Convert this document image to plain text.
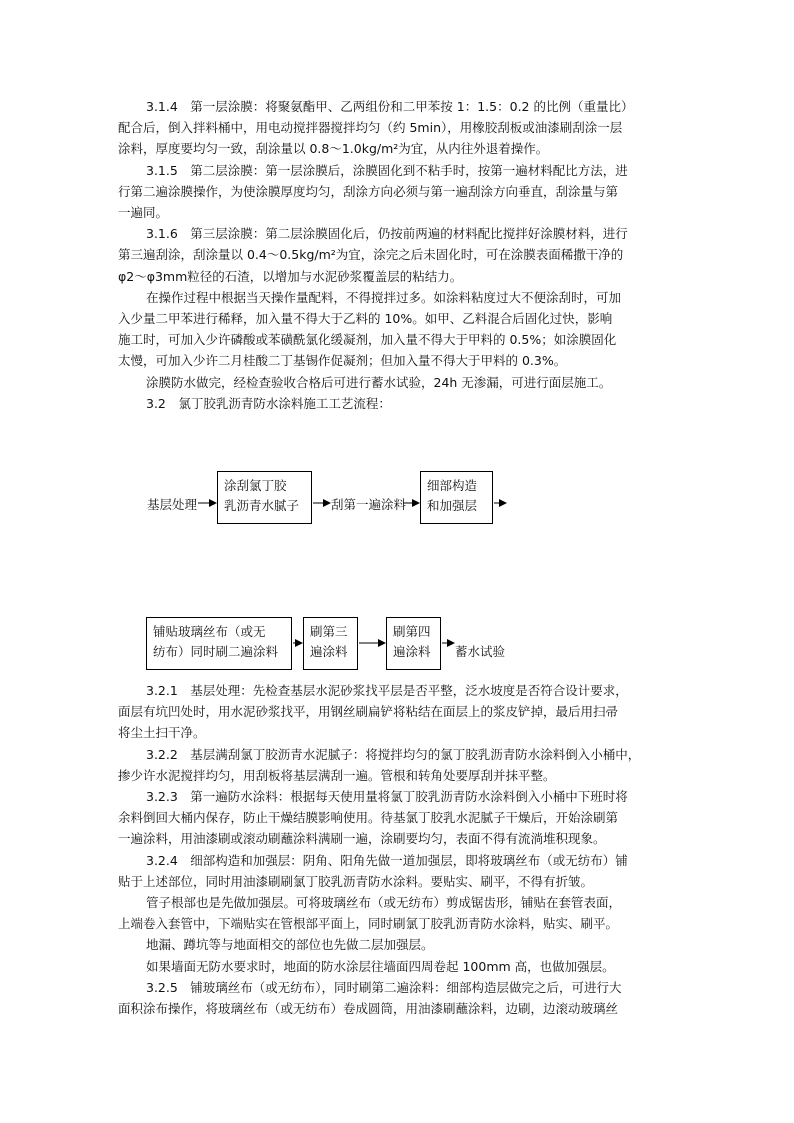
3.1.4　第一层涂膜：将聚氨酯甲、乙两组份和二甲苯按 1：1.5：0.2 的比例（重量比）
配合后，倒入拌料桶中，用电动搅拌器搅拌均匀（约 5min），用橡胶刮板或油漆刷刮涂一层
涂料，厚度要均匀一致，刮涂量以 0.8～1.0kg/m²为宜，从内往外退着操作。
3.1.5　第二层涂膜：第一层涂膜后，涂膜固化到不粘手时，按第一遍材料配比方法，进
行第二遍涂膜操作，为使涂膜厚度均匀，刮涂方向必须与第一遍刮涂方向垂直，刮涂量与第
一遍同。
3.1.6　第三层涂膜：第二层涂膜固化后，仍按前两遍的材料配比搅拌好涂膜材料，进行
第三遍刮涂，刮涂量以 0.4～0.5kg/m²为宜，涂完之后未固化时，可在涂膜表面稀撒干净的
φ2～φ3mm粒径的石渣，以增加与水泥砂浆覆盖层的粘结力。
在操作过程中根据当天操作量配料，不得搅拌过多。如涂料粘度过大不便涂刮时，可加
入少量二甲苯进行稀释，加入量不得大于乙料的 10%。如甲、乙料混合后固化过快，影响
施工时，可加入少许磷酸或苯磺酰氯化缓凝剂，加入量不得大于甲料的 0.5%；如涂膜固化
太慢，可加入少许二月桂酸二丁基锡作促凝剂；但加入量不得大于甲料的 0.3%。
涂膜防水做完，经检查验收合格后可进行蓄水试验，24h 无渗漏，可进行面层施工。
3.2　氯丁胶乳沥青防水涂料施工工艺流程：
基层处理
涂刮氯丁胶
乳沥青水腻子	刮第一遍涂料
细部构造
和加强层
铺贴玻璃丝布（或无
纺布）同时刷二遍涂料
刷第三
遍涂料
刷第四
遍涂料 蓄水试验
3.2.1　基层处理：先检查基层水泥砂浆找平层是否平整，泛水坡度是否符合设计要求，
面层有坑凹处时，用水泥砂浆找平，用钢丝刷扁铲将粘结在面层上的浆皮铲掉，最后用扫帚
将尘土扫干净。
3.2.2　基层满刮氯丁胶沥青水泥腻子：将搅拌均匀的氯丁胶乳沥青防水涂料倒入小桶中，
掺少许水泥搅拌均匀，用刮板将基层满刮一遍。管根和转角处要厚刮并抹平整。
3.2.3　第一遍防水涂料：根据每天使用量将氯丁胶乳沥青防水涂料倒入小桶中下班时将
余料倒回大桶内保存，防止干燥结膜影响使用。待基氯丁胶乳水泥腻子干燥后，开始涂刷第
一遍涂料，用油漆刷或滚动刷蘸涂料满刷一遍，涂刷要均匀，表面不得有流淌堆积现象。
3.2.4　细部构造和加强层：阴角、阳角先做一道加强层，即将玻璃丝布（或无纺布）铺
贴于上述部位，同时用油漆刷刷氯丁胶乳沥青防水涂料。要贴实、刷平，不得有折皱。
管子根部也是先做加强层。可将玻璃丝布（或无纺布）剪成锯齿形，铺贴在套管表面，
上端卷入套管中，下端贴实在管根部平面上，同时刷氯丁胶乳沥青防水涂料，贴实、刷平。
地漏、蹲坑等与地面相交的部位也先做二层加强层。
如果墙面无防水要求时，地面的防水涂层往墙面四周卷起 100mm 高，也做加强层。
3.2.5　铺玻璃丝布（或无纺布），同时刷第二遍涂料：细部构造层做完之后，可进行大
面积涂布操作，将玻璃丝布（或无纺布）卷成圆筒，用油漆刷蘸涂料，边刷，边滚动玻璃丝
